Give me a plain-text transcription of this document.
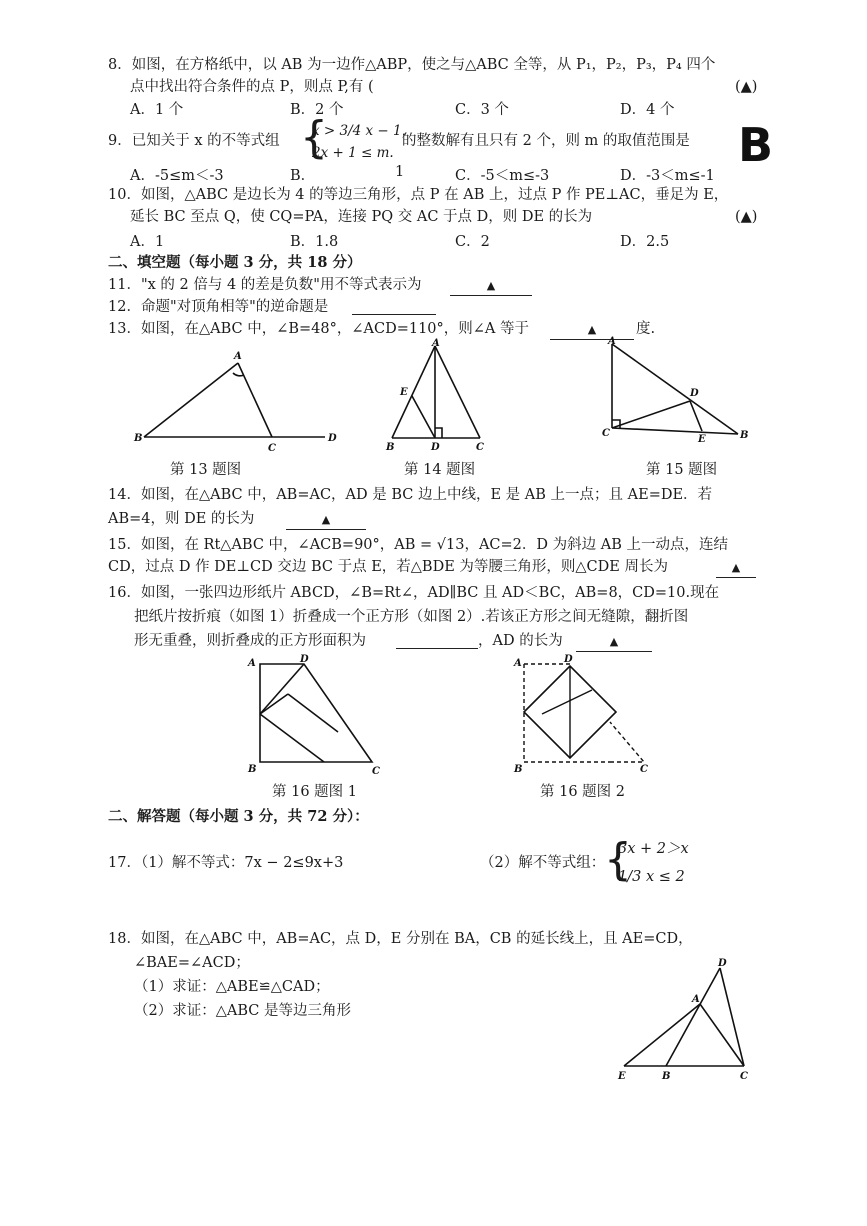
8．如图，在方格纸中，以 AB 为一边作△ABP，使之与△ABC 全等，从 P₁，P₂，P₃，P₄ 四个
点中找出符合条件的点 P，则点 P,有 (	(▲)
A．1 个	B．2 个	C．3 个	D．4 个
9．已知关于 x 的不等式组 {
x > 3/4 x − 1，
2x + 1 ≤ m.
的整数解有且只有 2 个，则 m 的取值范围是 B
A．-5≤m＜-3	B．	1	C．-5＜m≤-3	D．-3＜m≤-1
10．如图，△ABC 是边长为 4 的等边三角形，点 P 在 AB 上，过点 P 作 PE⊥AC，垂足为 E，
延长 BC 至点 Q，使 CQ=PA，连接 PQ 交 AC 于点 D，则 DE 的长为	(▲)
A．1	B．1.8	C．2	D．2.5
二、填空题（每小题 3 分，共 18 分）
11．"x 的 2 倍与 4 的差是负数"用不等式表示为	▲
12．命题"对顶角相等"的逆命题是
13．如图，在△ABC 中，∠B=48°，∠ACD=110°，则∠A 等于	▲	度.
A
B
C
D
第 13 题图
A
E
B	D	C
第 14 题图
A
D
C
E	B
第 15 题图
14．如图，在△ABC 中，AB=AC，AD 是 BC 边上中线，E 是 AB 上一点；且 AE=DE．若
AB=4，则 DE 的长为	▲
15．如图，在 Rt△ABC 中，∠ACB=90°，AB = √13，AC=2．D 为斜边 AB 上一动点，连结
CD，过点 D 作 DE⊥CD 交边 BC 于点 E，若△BDE 为等腰三角形，则△CDE 周长为	▲
16．如图，一张四边形纸片 ABCD，∠B=Rt∠，AD∥BC 且 AD＜BC，AB=8，CD=10.现在
把纸片按折痕（如图 1）折叠成一个正方形（如图 2）.若该正方形之间无缝隙，翻折图
形无重叠，则折叠成的正方形面积为	，AD 的长为	▲
A	D
B	C
第 16 题图 1
A	D
B	C
第 16 题图 2
二、解答题（每小题 3 分，共 72 分）：
17．（1）解不等式：7x − 2≤9x+3	（2）解不等式组：
{
3x + 2＞x
1/3 x ≤ 2
18．如图，在△ABC 中，AB=AC，点 D，E 分别在 BA，CB 的延长线上，且 AE=CD，
∠BAE=∠ACD；
（1）求证：△ABE≌△CAD；
（2）求证：△ABC 是等边三角形
D
A
E	B	C
